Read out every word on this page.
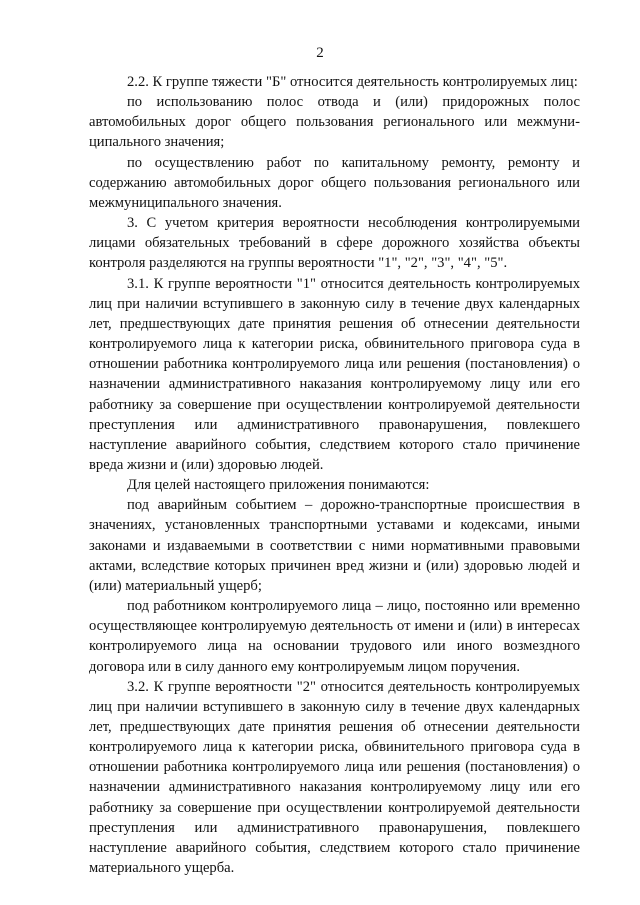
2

2.2. К группе тяжести "Б" относится деятельность контролируемых лиц:

по использованию полос отвода и (или) придорожных полос автомобильных дорог общего пользования регионального или межмуниципального значения;

по осуществлению работ по капитальному ремонту, ремонту и содержанию автомобильных дорог общего пользования регионального или межмуниципального значения.

3. С учетом критерия вероятности несоблюдения контролируемыми лицами обязательных требований в сфере дорожного хозяйства объекты контроля разделяются на группы вероятности "1", "2", "3", "4", "5".

3.1. К группе вероятности "1" относится деятельность контролируемых лиц при наличии вступившего в законную силу в течение двух календарных лет, предшествующих дате принятия решения об отнесении деятельности контролируемого лица к категории риска, обвинительного приговора суда в отношении работника контролируемого лица или решения (постановления) о назначении административного наказания контролируемому лицу или его работнику за совершение при осуществлении контролируемой деятельности преступления или административного правонарушения, повлекшего наступление аварийного события, следствием которого стало причинение вреда жизни и (или) здоровью людей.

Для целей настоящего приложения понимаются:

под аварийным событием – дорожно-транспортные происшествия в значениях, установленных транспортными уставами и кодексами, иными законами и издаваемыми в соответствии с ними нормативными правовыми актами, вследствие которых причинен вред жизни и (или) здоровью людей и (или) материальный ущерб;

под работником контролируемого лица – лицо, постоянно или временно осуществляющее контролируемую деятельность от имени и (или) в интересах контролируемого лица на основании трудового или иного возмездного договора или в силу данного ему контролируемым лицом поручения.

3.2. К группе вероятности "2" относится деятельность контролируемых лиц при наличии вступившего в законную силу в течение двух календарных лет, предшествующих дате принятия решения об отнесении деятельности контролируемого лица к категории риска, обвинительного приговора суда в отношении работника контролируемого лица или решения (постановления) о назначении административного наказания контролируемому лицу или его работнику за совершение при осуществлении контролируемой деятельности преступления или административного правонарушения, повлекшего наступление аварийного события, следствием которого стало причинение материального ущерба.
